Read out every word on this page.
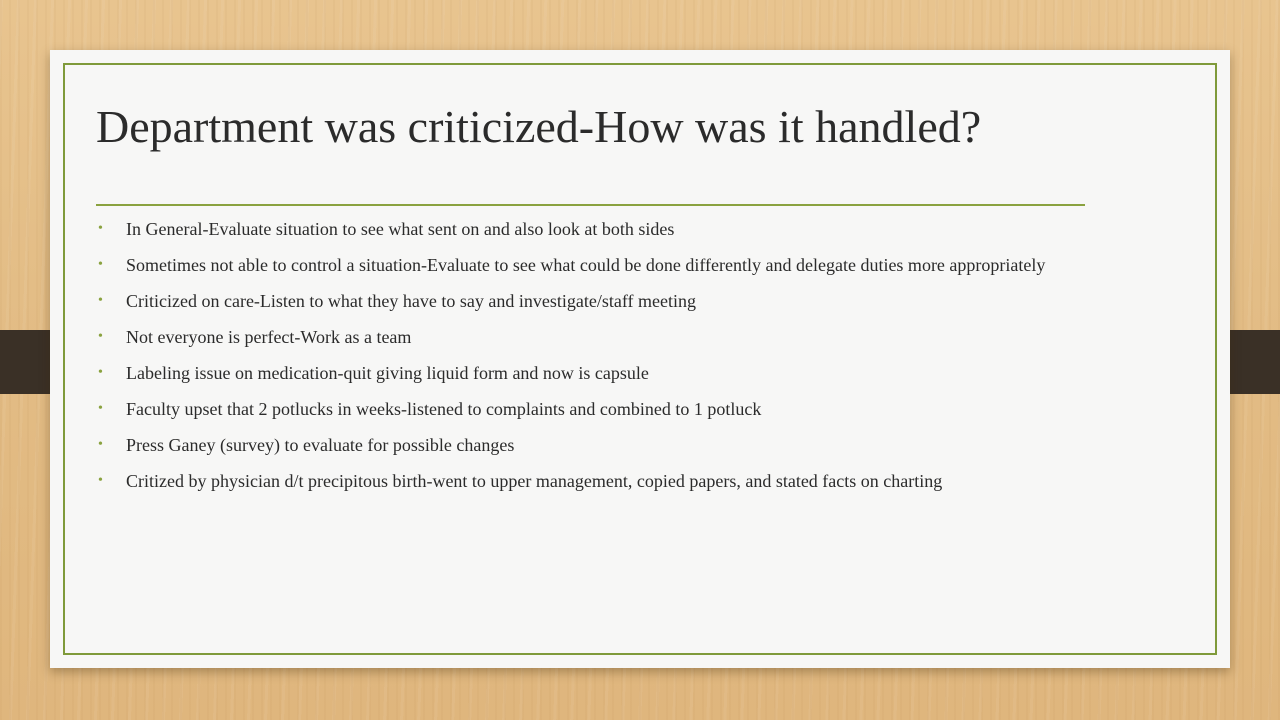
Department was criticized-How was it handled?
• In General-Evaluate situation to see what sent on and also look at both sides
• Sometimes not able to control a situation-Evaluate to see what could be done differently and delegate duties more appropriately
• Criticized on care-Listen to what they have to say and investigate/staff meeting
• Not everyone is perfect-Work as a team
• Labeling issue on medication-quit giving liquid form and now is capsule
• Faculty upset that 2 potlucks in weeks-listened to complaints and combined to 1 potluck
• Press Ganey (survey) to evaluate for possible changes
• Critized by physician d/t precipitous birth-went to upper management, copied papers, and stated facts on charting
